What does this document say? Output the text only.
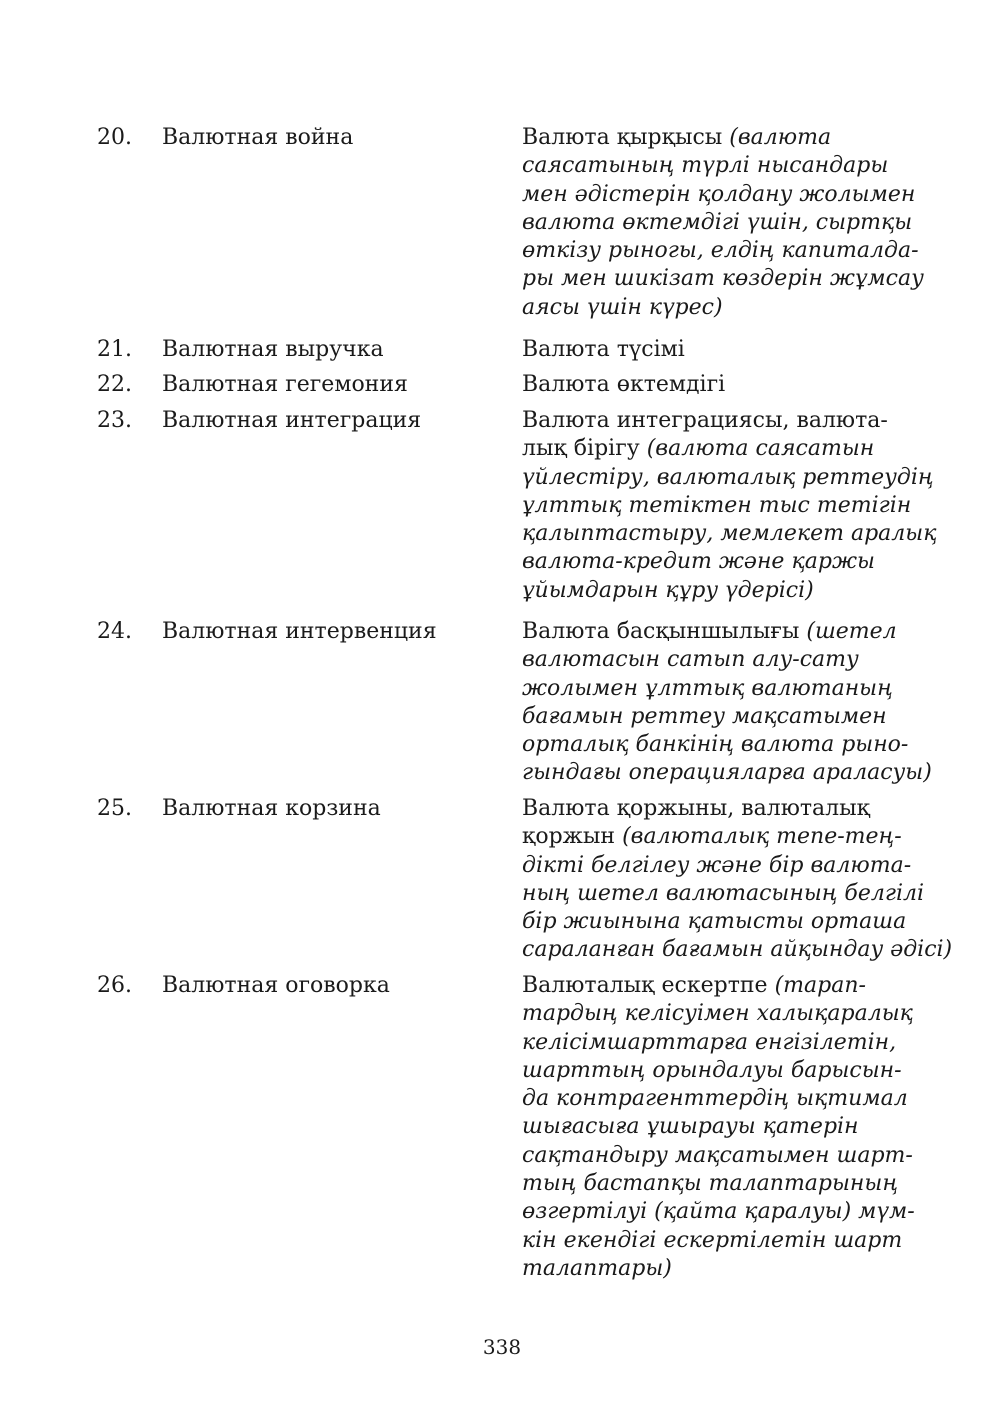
20. Валютная война	Валюта қырқысы (валюта
саясатының түрлі нысандары
мен әдістерін қолдану жолымен
валюта өктемдігі үшін, сыртқы
өткізу рыногы, елдің капиталда-
ры мен шикізат көздерін жұмсау
аясы үшін күрес)
21. Валютная выручка	Валюта түсімі
22. Валютная гегемония	Валюта өктемдігі
23. Валютная интеграция	Валюта интеграциясы, валюта-
лық бірігу (валюта саясатын
үйлестіру, валюталық реттеудің
ұлттық тетіктен тыс тетігін
қалыптастыру, мемлекет аралық
валюта-кредит және қаржы
ұйымдарын құру үдерісі)
24. Валютная интервенция	Валюта басқыншылығы (шетел
валютасын сатып алу-сату
жолымен ұлттық валютаның
бағамын реттеу мақсатымен
орталық банкінің валюта рыно-
гындағы операцияларға араласуы)
25. Валютная корзина	Валюта қоржыны, валюталық
қоржын (валюталық тепе-тең-
дікті белгілеу және бір валюта-
ның шетел валютасының белгілі
бір жиынына қатысты орташа
сараланған бағамын айқындау әдісі)
26. Валютная оговорка	Валюталық ескертпе (тарап-
тардың келісуімен халықаралық
келісімшарттарға енгізілетін,
шарттың орындалуы барысын-
да контрагенттердің ықтимал
шығасыға ұшырауы қатерін
сақтандыру мақсатымен шарт-
тың бастапқы талаптарының
өзгертілуі (қайта қаралуы) мүм-
кін екендігі ескертілетін шарт
талаптары)
338
